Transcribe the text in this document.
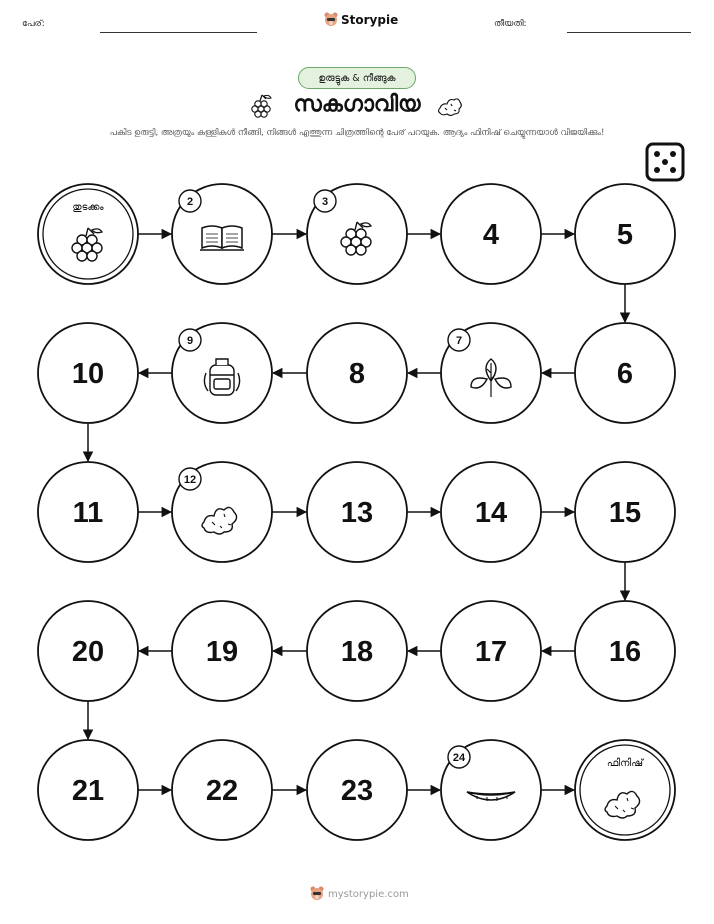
പേര്:	Storypie	തീയതി:
ഉരുട്ടുക & നീങ്ങുക
സകഗാവിയ
പകിട ഉരുട്ടി, അത്രയും കള്ളികൾ നീങ്ങി, നിങ്ങൾ എത്തുന്ന ചിത്രത്തിന്റെ പേര് പറയുക. ആദ്യം ഫിനിഷ് ചെയ്യുന്നയാൾ വിജയിക്കും!
തുടക്കം	2	3
4	5
6
7
8
9
10
11
12
13	14	15
16
17
18
19
20
21	22	23
24	ഫിനിഷ്
mystorypie.com
